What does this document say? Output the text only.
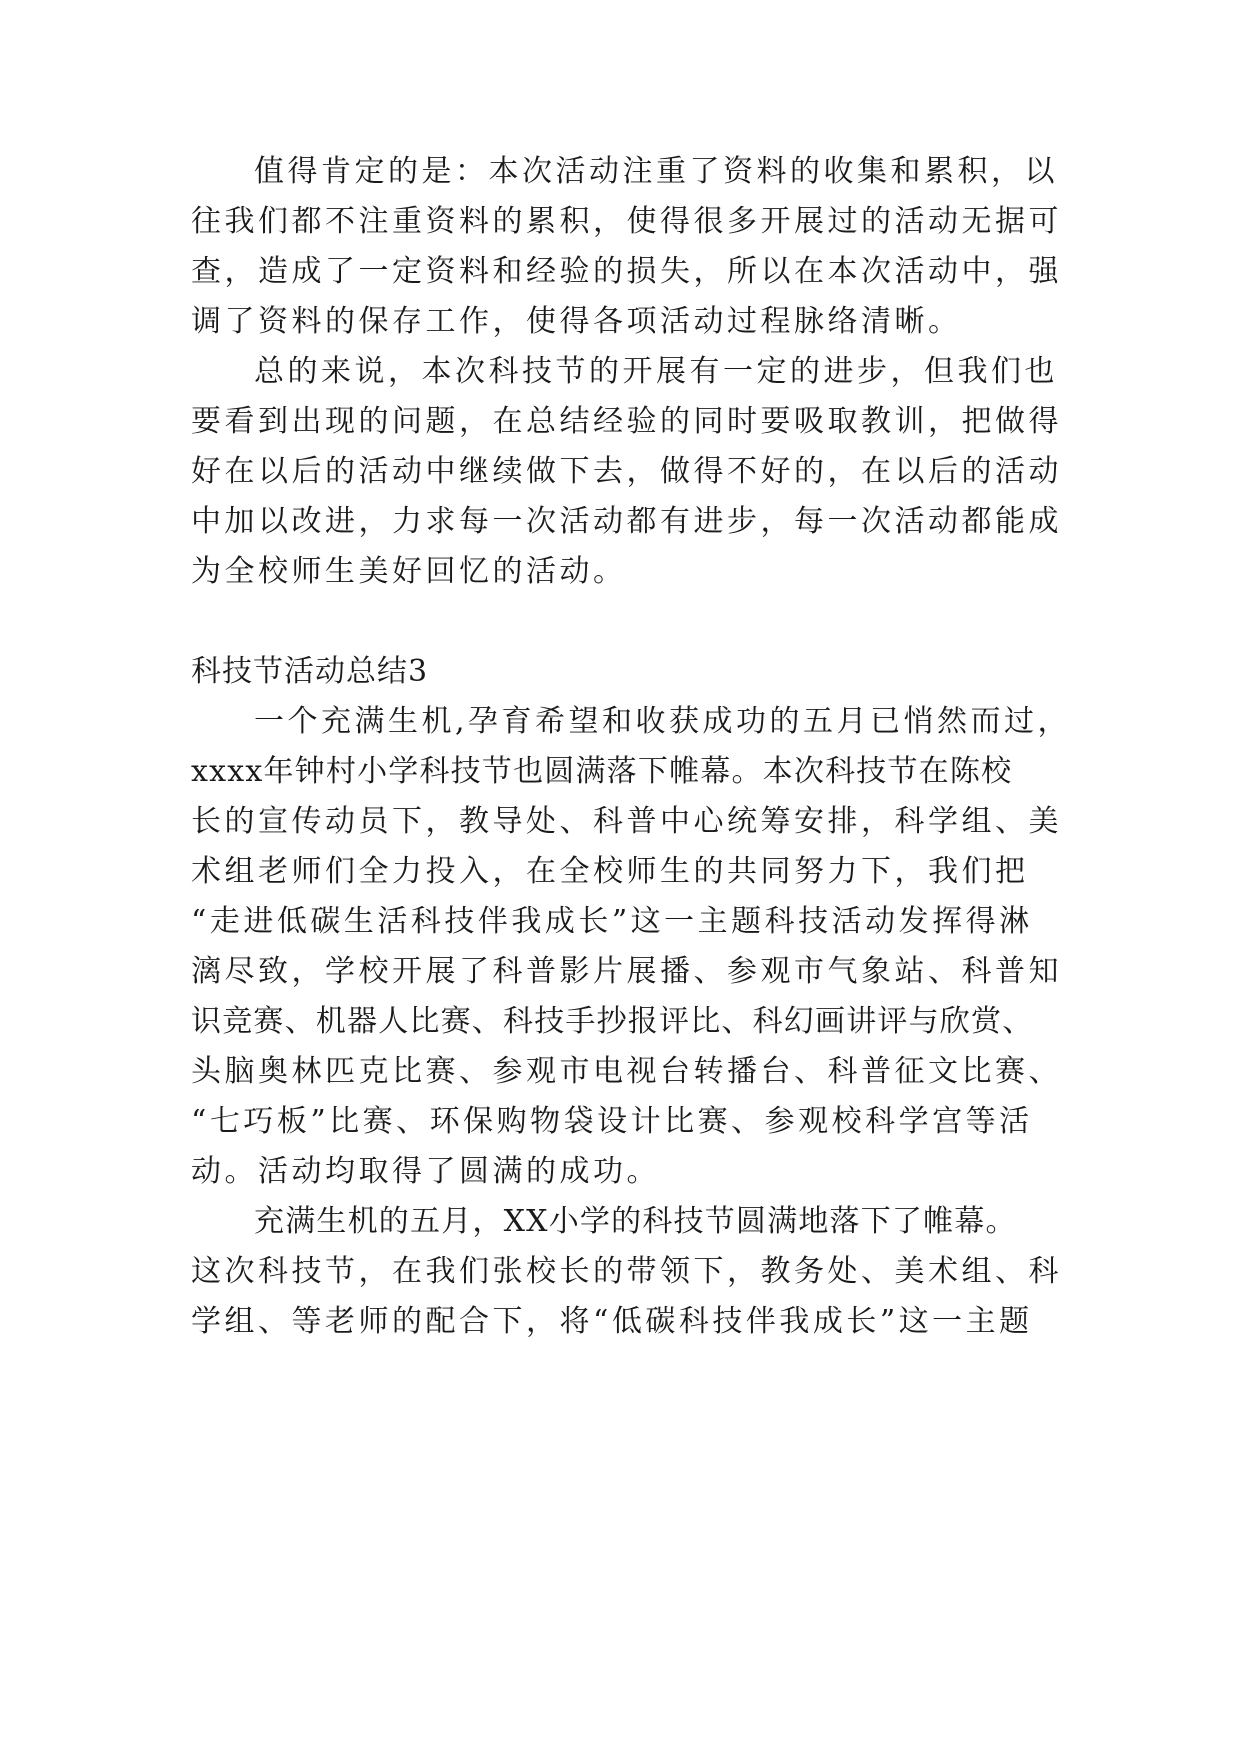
值得肯定的是：本次活动注重了资料的收集和累积，以
往我们都不注重资料的累积，使得很多开展过的活动无据可
查，造成了一定资料和经验的损失，所以在本次活动中，强
调了资料的保存工作，使得各项活动过程脉络清晰。
总的来说，本次科技节的开展有一定的进步，但我们也
要看到出现的问题，在总结经验的同时要吸取教训，把做得
好在以后的活动中继续做下去，做得不好的，在以后的活动
中加以改进，力求每一次活动都有进步，每一次活动都能成
为全校师生美好回忆的活动。
科技节活动总结3
一个充满生机,孕育希望和收获成功的五月已悄然而过，
xxxx年钟村小学科技节也圆满落下帷幕。本次科技节在陈校
长的宣传动员下，教导处、科普中心统筹安排，科学组、美
术组老师们全力投入，在全校师生的共同努力下，我们把
“走进低碳生活科技伴我成长”这一主题科技活动发挥得淋
漓尽致，学校开展了科普影片展播、参观市气象站、科普知
识竞赛、机器人比赛、科技手抄报评比、科幻画讲评与欣赏、
头脑奥林匹克比赛、参观市电视台转播台、科普征文比赛、
“七巧板”比赛、环保购物袋设计比赛、参观校科学宫等活
动。活动均取得了圆满的成功。
充满生机的五月，XX小学的科技节圆满地落下了帷幕。
这次科技节，在我们张校长的带领下，教务处、美术组、科
学组、等老师的配合下，将“低碳科技伴我成长”这一主题
